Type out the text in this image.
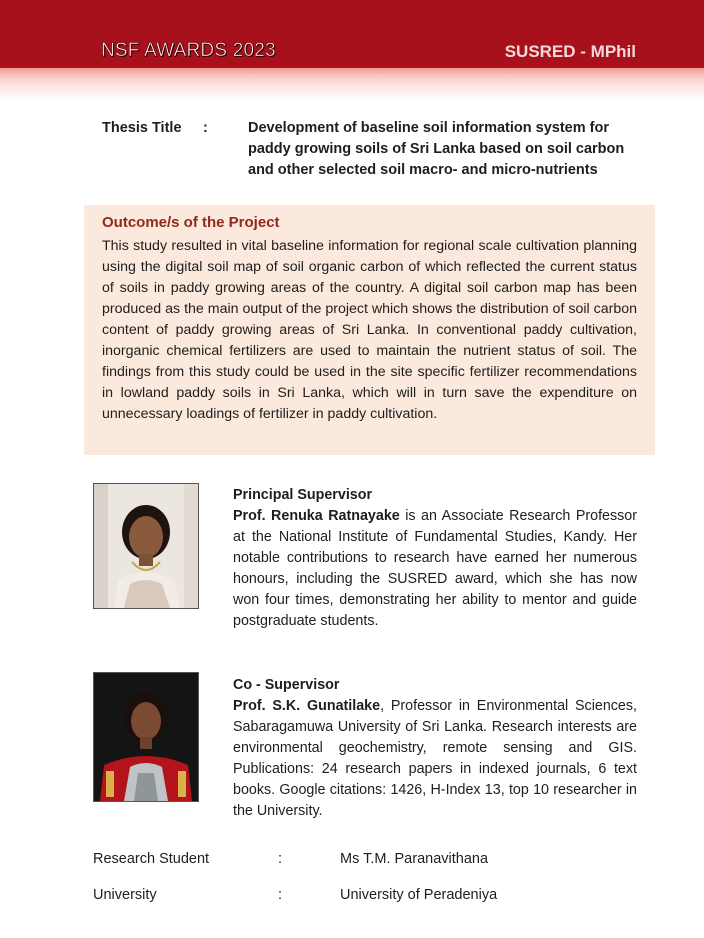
NSF AWARDS 2023	SUSRED - MPhil
Thesis Title :	Development of baseline soil information system for paddy growing soils of Sri Lanka based on soil carbon and other selected soil macro- and micro-nutrients
Outcome/s of the Project
This study resulted in vital baseline information for regional scale cultivation planning using the digital soil map of soil organic carbon of which reflected the current status of soils in paddy growing areas of the country. A digital soil carbon map has been produced as the main output of the project which shows the distribution of soil carbon content of paddy growing areas of Sri Lanka. In conventional paddy cultivation, inorganic chemical fertilizers are used to maintain the nutrient status of soil. The findings from this study could be used in the site specific fertilizer recommendations in lowland paddy soils in Sri Lanka, which will in turn save the expenditure on unnecessary loadings of fertilizer in paddy cultivation.
Principal Supervisor
Prof. Renuka Ratnayake is an Associate Research Professor at the National Institute of Fundamental Studies, Kandy. Her notable contributions to research have earned her numerous honours, including the SUSRED award, which she has now won four times, demonstrating her ability to mentor and guide postgraduate students.
Co - Supervisor
Prof. S.K. Gunatilake, Professor in Environmental Sciences, Sabaragamuwa University of Sri Lanka. Research interests are environmental geochemistry, remote sensing and GIS. Publications: 24 research papers in indexed journals, 6 text books. Google citations: 1426, H-Index 13, top 10 researcher in the University.
Research Student	:	Ms T.M. Paranavithana
University	:	University of Peradeniya
